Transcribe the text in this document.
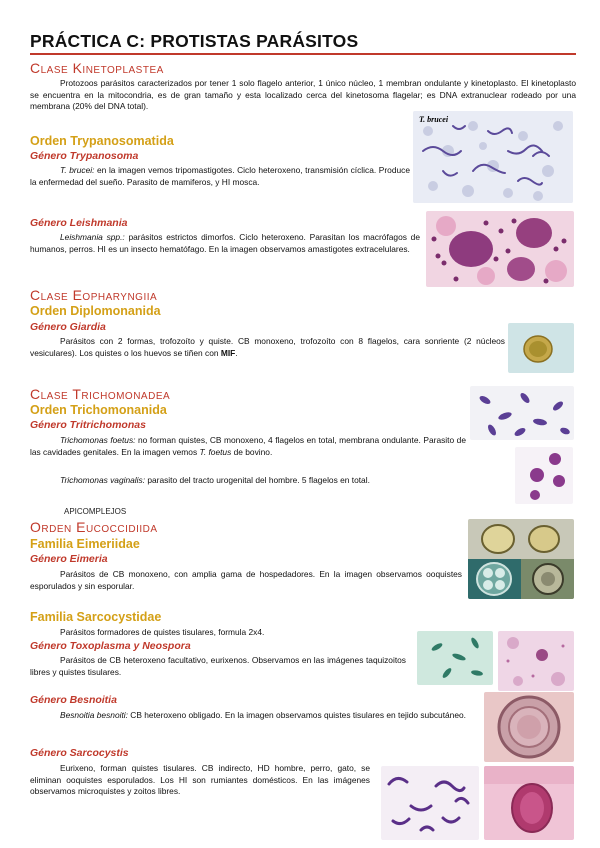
PRÁCTICA C: PROTISTAS PARÁSITOS
Clase Kinetoplastea
Protozoos parásitos caracterizados por tener 1 solo flagelo anterior, 1 único núcleo, 1 membran ondulante y kinetoplasto. El kinetoplasto se encuentra en la mitocondria, es de gran tamaño y esta localizado cerca del kinetosoma flagelar; es DNA extranuclear rodeado por una membrana (20% del DNA total).
Orden Trypanosomatida
Género Trypanosoma
T. brucei: en la imagen vemos tripomastigotes. Ciclo heteroxeno, transmisión cíclica. Produce la enfermedad del sueño. Parasito de mamiferos, y HI mosca.
T. brucei
Género Leishmania
Leishmania spp.: parásitos estrictos dimorfos. Ciclo heteroxeno. Parasitan los macrófagos de humanos, perros. HI es un insecto hematófago. En la imagen observamos amastigotes extracelulares.
Clase Eopharyngiia
Orden Diplomonanida
Género Giardia
Parásitos con 2 formas, trofozoíto y quiste. CB monoxeno, trofozoíto con 8 flagelos, cara sonriente (2 núcleos vesiculares). Los quistes o los huevos se tiñen con MIF.
Clase Trichomonadea
Orden Trichomonanida
Género Tritrichomonas
Trichomonas foetus: no forman quistes, CB monoxeno, 4 flagelos en total, membrana ondulante. Parasito de las cavidades genitales. En la imagen vemos T. foetus de bovino.
Trichomonas vaginalis: parasito del tracto urogenital del hombre. 5 flagelos en total.
APICOMPLEJOS
Orden Eucoccidiida
Familia Eimeriidae
Género Eimeria
Parásitos de CB monoxeno, con amplia gama de hospedadores. En la imagen observamos ooquistes esporulados y sin esporular.
Familia Sarcocystidae
Parásitos formadores de quistes tisulares, formula 2x4.
Género Toxoplasma y Neospora
Parásitos de CB heteroxeno facultativo, eurixenos. Observamos en las imágenes taquizoitos libres y quistes tisulares.
Género Besnoitia
Besnoitia besnoiti: CB heteroxeno obligado. En la imagen observamos quistes tisulares en tejido subcutáneo.
Género Sarcocystis
Eurixeno, forman quistes tisulares. CB indirecto, HD hombre, perro, gato, se eliminan ooquistes esporulados. Los HI son rumiantes domésticos. En las imágenes observamos microquistes y zoitos libres.
